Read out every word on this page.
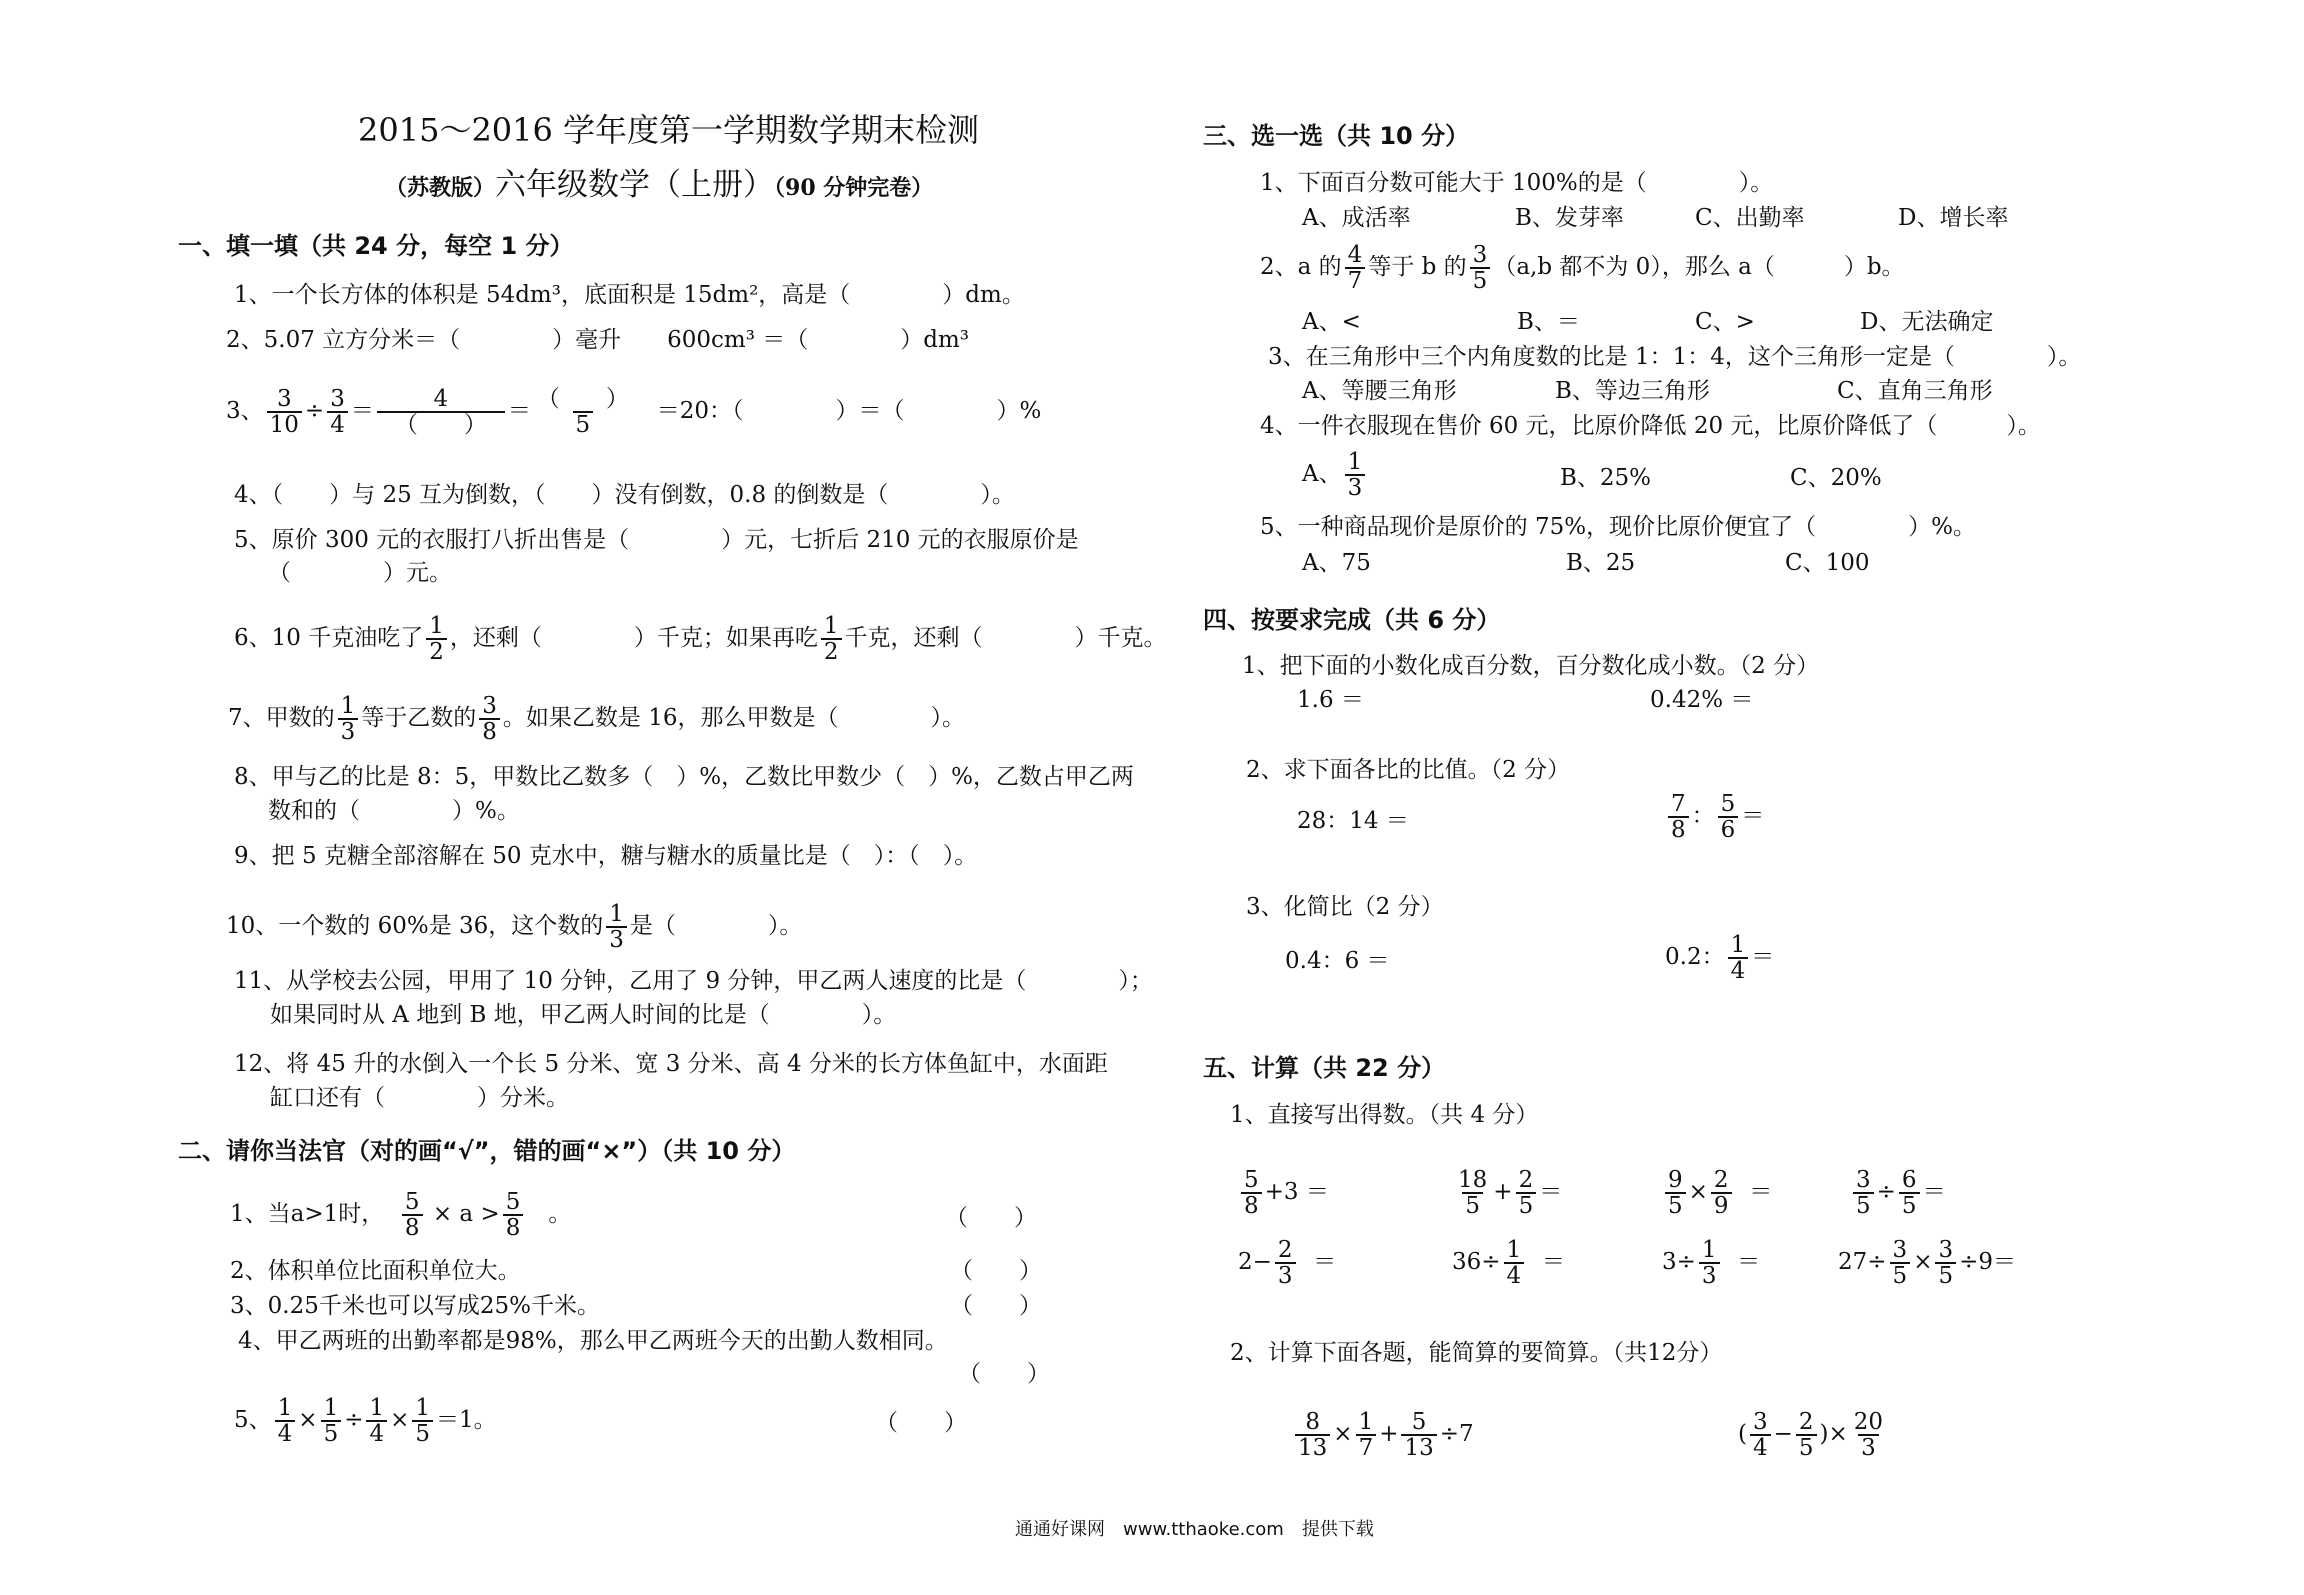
2015～2016 学年度第一学期数学期末检测
（苏教版）六年级数学（上册）（90 分钟完卷）
一、填一填（共 24 分，每空 1 分）
1、一个长方体的体积是 54dm³，底面积是 15dm²，高是（　　　　）dm。
2、5.07 立方分米＝（　　　　）毫升　　600cm³ ＝（　　　　）dm³
3、 $\frac{3}{10} \div \frac{3}{4}$ ＝	4
（　　）
＝ （　　）
5
＝20：（　　　　）＝（　　　　）%
4、（　　）与 25 互为倒数，（　　）没有倒数，0.8 的倒数是（　　　　）。
5、原价 300 元的衣服打八折出售是（　　　　）元，七折后 210 元的衣服原价是
（　　　　）元。
6、10 千克油吃了 $\frac{1}{2}$ ，还剩（　　　　）千克；如果再吃 $\frac{1}{2}$ 千克，还剩（　　　　）千克。
7、甲数的 $\frac{1}{3}$ 等于乙数的 $\frac{3}{8}$ 。如果乙数是 16，那么甲数是（　　　　）。
8、甲与乙的比是 8：5，甲数比乙数多（　）%，乙数比甲数少（　）%，乙数占甲乙两
数和的（　　　　）%。
9、把 5 克糖全部溶解在 50 克水中，糖与糖水的质量比是（　）：（　）。
10、一个数的 60%是 36，这个数的 $\frac{1}{3}$ 是（　　　　）。
11、从学校去公园，甲用了 10 分钟，乙用了 9 分钟，甲乙两人速度的比是（　　　　）；
如果同时从 A 地到 B 地，甲乙两人时间的比是（　　　　）。
12、将 45 升的水倒入一个长 5 分米、宽 3 分米、高 4 分米的长方体鱼缸中，水面距
缸口还有（　　　　）分米。
二、请你当法官（对的画“√”，错的画“×”）（共 10 分）
1、当a>1时， $\frac{5}{8} \times a > \frac{5}{8}$ 。	（　　）
2、体积单位比面积单位大。	（　　）
3、0.25千米也可以写成25%千米。	（　　）
4、甲乙两班的出勤率都是98%，那么甲乙两班今天的出勤人数相同。
（　　）
5、 $\frac{1}{4} \times \frac{1}{5} \div \frac{1}{4} \times \frac{1}{5} =1$。	（　　）
三、选一选（共 10 分）
1、下面百分数可能大于 100%的是（　　　　）。
A、成活率	B、发芽率	C、出勤率	D、增长率
2、a 的 $\frac{4}{7}$ 等于 b 的 $\frac{3}{5} (a,b$ 都不为 0），那么 a（　　　）b。
A、<	B、＝	C、>	D、无法确定
3、在三角形中三个内角度数的比是 1：1：4，这个三角形一定是（　　　　）。
A、等腰三角形	B、等边三角形	C、直角三角形
4、一件衣服现在售价 60 元，比原价降低 20 元，比原价降低了（　　　）。
A、 $\frac{1}{3}$	B、25%	C、20%
5、一种商品现价是原价的 75%，现价比原价便宜了（　　　　）%。
A、75	B、25	C、100
四、按要求完成（共 6 分）
1、把下面的小数化成百分数，百分数化成小数。（2 分）
1.6 ＝	0.42% ＝
2、求下面各比的比值。（2 分）
28：14 ＝	$\frac{7}{8}$ ： $\frac{5}{6}$ ＝
3、化简比（2 分）
0.4：6 ＝	0.2： $\frac{1}{4}$ ＝
五、计算（共 22 分）
1、直接写出得数。（共 4 分）
$\frac{5}{8} +3$ ＝	$\frac{18}{5} + \frac{2}{5}$ ＝	$\frac{9}{5} \times \frac{2}{9}$ ＝	$\frac{3}{5} \div \frac{6}{5}$ ＝
$2- \frac{2}{3}$ ＝	$36\div \frac{1}{4}$ ＝	$3\div \frac{1}{3}$ ＝	$27\div \frac{3}{5} \times \frac{3}{5} \div 9=$
2、计算下面各题，能简算的要简算。（共12分）
$\frac{8}{13} \times \frac{1}{7} + \frac{5}{13} \div 7$	( $\frac{3}{4} - \frac{2}{5}$ )× $\frac{20}{3}$
通通好课网　www.tthaoke.com　提供下载
